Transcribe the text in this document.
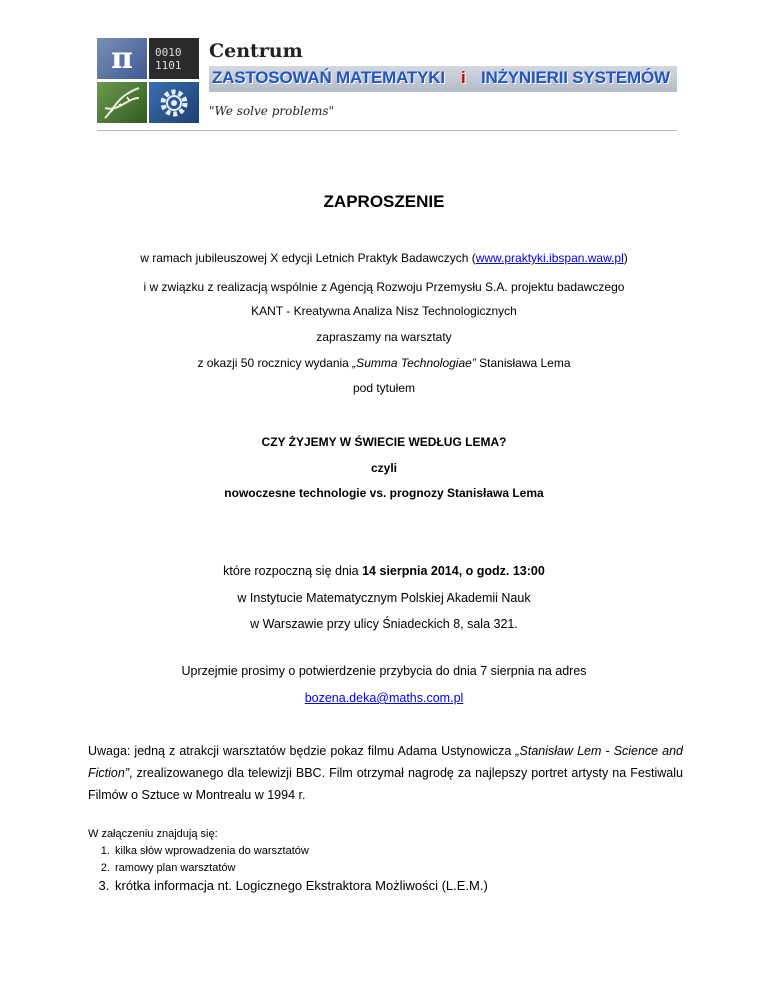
π	0010
1101
Centrum
ZASTOSOWAŃ MATEMATYKI i INŻYNIERII SYSTEMÓW
"We solve problems"
ZAPROSZENIE
w ramach jubileuszowej X edycji Letnich Praktyk Badawczych (www.praktyki.ibspan.waw.pl)
i w związku z realizacją wspólnie z Agencją Rozwoju Przemysłu S.A. projektu badawczego
KANT - Kreatywna Analiza Nisz Technologicznych
zapraszamy na warsztaty
z okazji 50 rocznicy wydania „Summa Technologiae” Stanisława Lema
pod tytułem
CZY ŻYJEMY W ŚWIECIE WEDŁUG LEMA?
czyli
nowoczesne technologie vs. prognozy Stanisława Lema
które rozpoczną się dnia 14 sierpnia 2014, o godz. 13:00
w Instytucie Matematycznym Polskiej Akademii Nauk
w Warszawie przy ulicy Śniadeckich 8, sala 321.
Uprzejmie prosimy o potwierdzenie przybycia do dnia 7 sierpnia na adres
bozena.deka@maths.com.pl
Uwaga: jedną z atrakcji warsztatów będzie pokaz filmu Adama Ustynowicza „Stanisław Lem - Science and Fiction”, zrealizowanego dla telewizji BBC. Film otrzymał nagrodę za najlepszy portret artysty na Festiwalu Filmów o Sztuce w Montrealu w 1994 r.
W załączeniu znajdują się:
1. kilka słów wprowadzenia do warsztatów
2. ramowy plan warsztatów
3. krótka informacja nt. Logicznego Ekstraktora Możliwości (L.E.M.)
